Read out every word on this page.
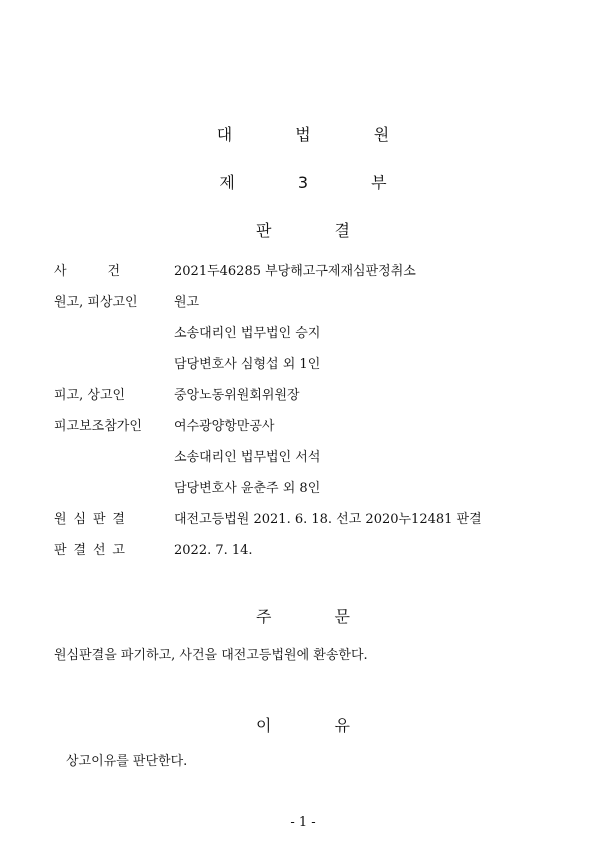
대 법 원
제 3 부
판 결
사	건	2021두46285 부당해고구제재심판정취소
원고, 피상고인	원고
소송대리인 법무법인 승지
담당변호사 심형섭 외 1인
피고, 상고인	중앙노동위원회위원장
피고보조참가인	여수광양항만공사
소송대리인 법무법인 서석
담당변호사 윤춘주 외 8인
원 심 판 결	대전고등법원 2021. 6. 18. 선고 2020누12481 판결
판 결 선 고	2022. 7. 14.
주 문
원심판결을 파기하고, 사건을 대전고등법원에 환송한다.
이 유
상고이유를 판단한다.
- 1 -
